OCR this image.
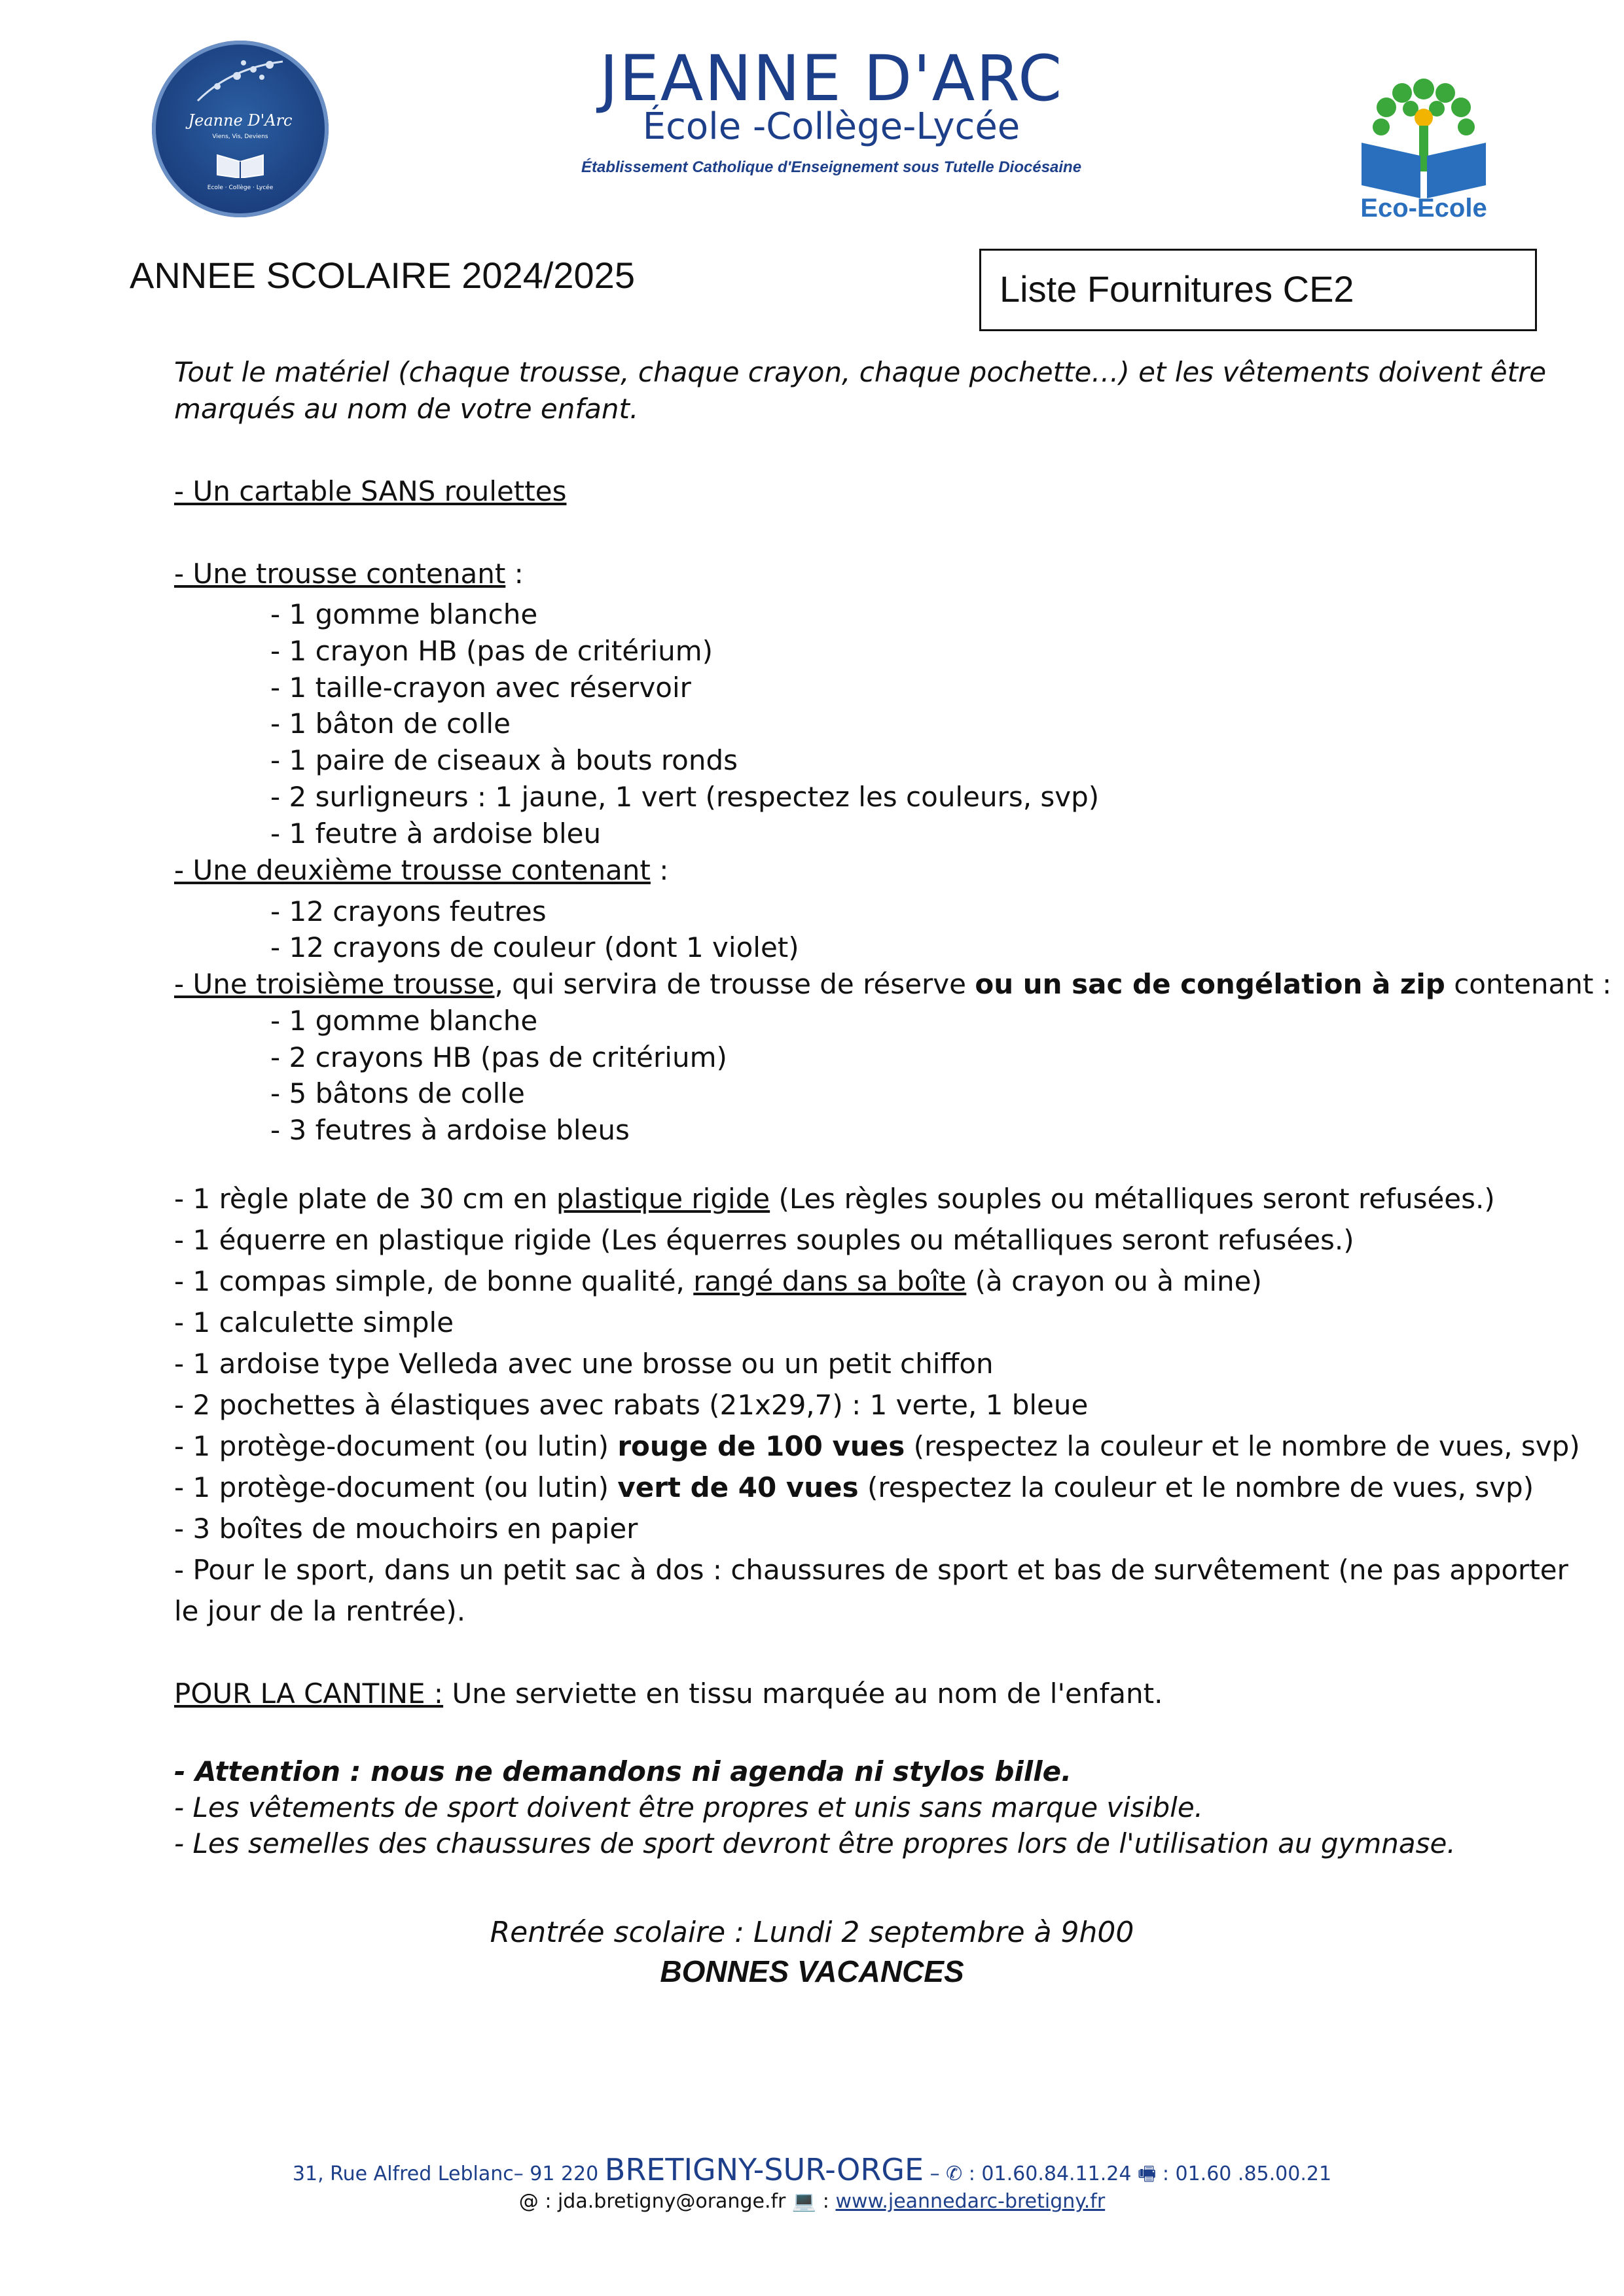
Jeanne D'Arc
Viens, Vis, Deviens
Ecole · Collège · Lycée
JEANNE D'ARC
École -Collège-Lycée
Établissement Catholique d'Enseignement sous Tutelle Diocésaine
Eco-Ecole
ANNEE SCOLAIRE 2024/2025	Liste Fournitures CE2
Tout le matériel (chaque trousse, chaque crayon, chaque pochette…) et les vêtements doivent être
marqués au nom de votre enfant.
- Un cartable SANS roulettes
- Une trousse contenant :
- 1 gomme blanche
- 1 crayon HB (pas de critérium)
- 1 taille-crayon avec réservoir
- 1 bâton de colle
- 1 paire de ciseaux à bouts ronds
- 2 surligneurs : 1 jaune, 1 vert (respectez les couleurs, svp)
- 1 feutre à ardoise bleu
- Une deuxième trousse contenant :
- 12 crayons feutres
- 12 crayons de couleur (dont 1 violet)
- Une troisième trousse, qui servira de trousse de réserve ou un sac de congélation à zip contenant :
- 1 gomme blanche
- 2 crayons HB (pas de critérium)
- 5 bâtons de colle
- 3 feutres à ardoise bleus
- 1 règle plate de 30 cm en plastique rigide (Les règles souples ou métalliques seront refusées.)
- 1 équerre en plastique rigide (Les équerres souples ou métalliques seront refusées.)
- 1 compas simple, de bonne qualité, rangé dans sa boîte (à crayon ou à mine)
- 1 calculette simple
- 1 ardoise type Velleda avec une brosse ou un petit chiffon
- 2 pochettes à élastiques avec rabats (21x29,7) : 1 verte, 1 bleue
- 1 protège-document (ou lutin) rouge de 100 vues (respectez la couleur et le nombre de vues, svp)
- 1 protège-document (ou lutin) vert de 40 vues (respectez la couleur et le nombre de vues, svp)
- 3 boîtes de mouchoirs en papier
- Pour le sport, dans un petit sac à dos : chaussures de sport et bas de survêtement (ne pas apporter
le jour de la rentrée).
POUR LA CANTINE : Une serviette en tissu marquée au nom de l'enfant.
- Attention : nous ne demandons ni agenda ni stylos bille.
- Les vêtements de sport doivent être propres et unis sans marque visible.
- Les semelles des chaussures de sport devront être propres lors de l'utilisation au gymnase.
Rentrée scolaire : Lundi 2 septembre à 9h00
BONNES VACANCES
31, Rue Alfred Leblanc– 91 220 BRETIGNY-SUR-ORGE – ✆ : 01.60.84.11.24 🖷 : 01.60 .85.00.21
@ : jda.bretigny@orange.fr 💻 : www.jeannedarc-bretigny.fr
